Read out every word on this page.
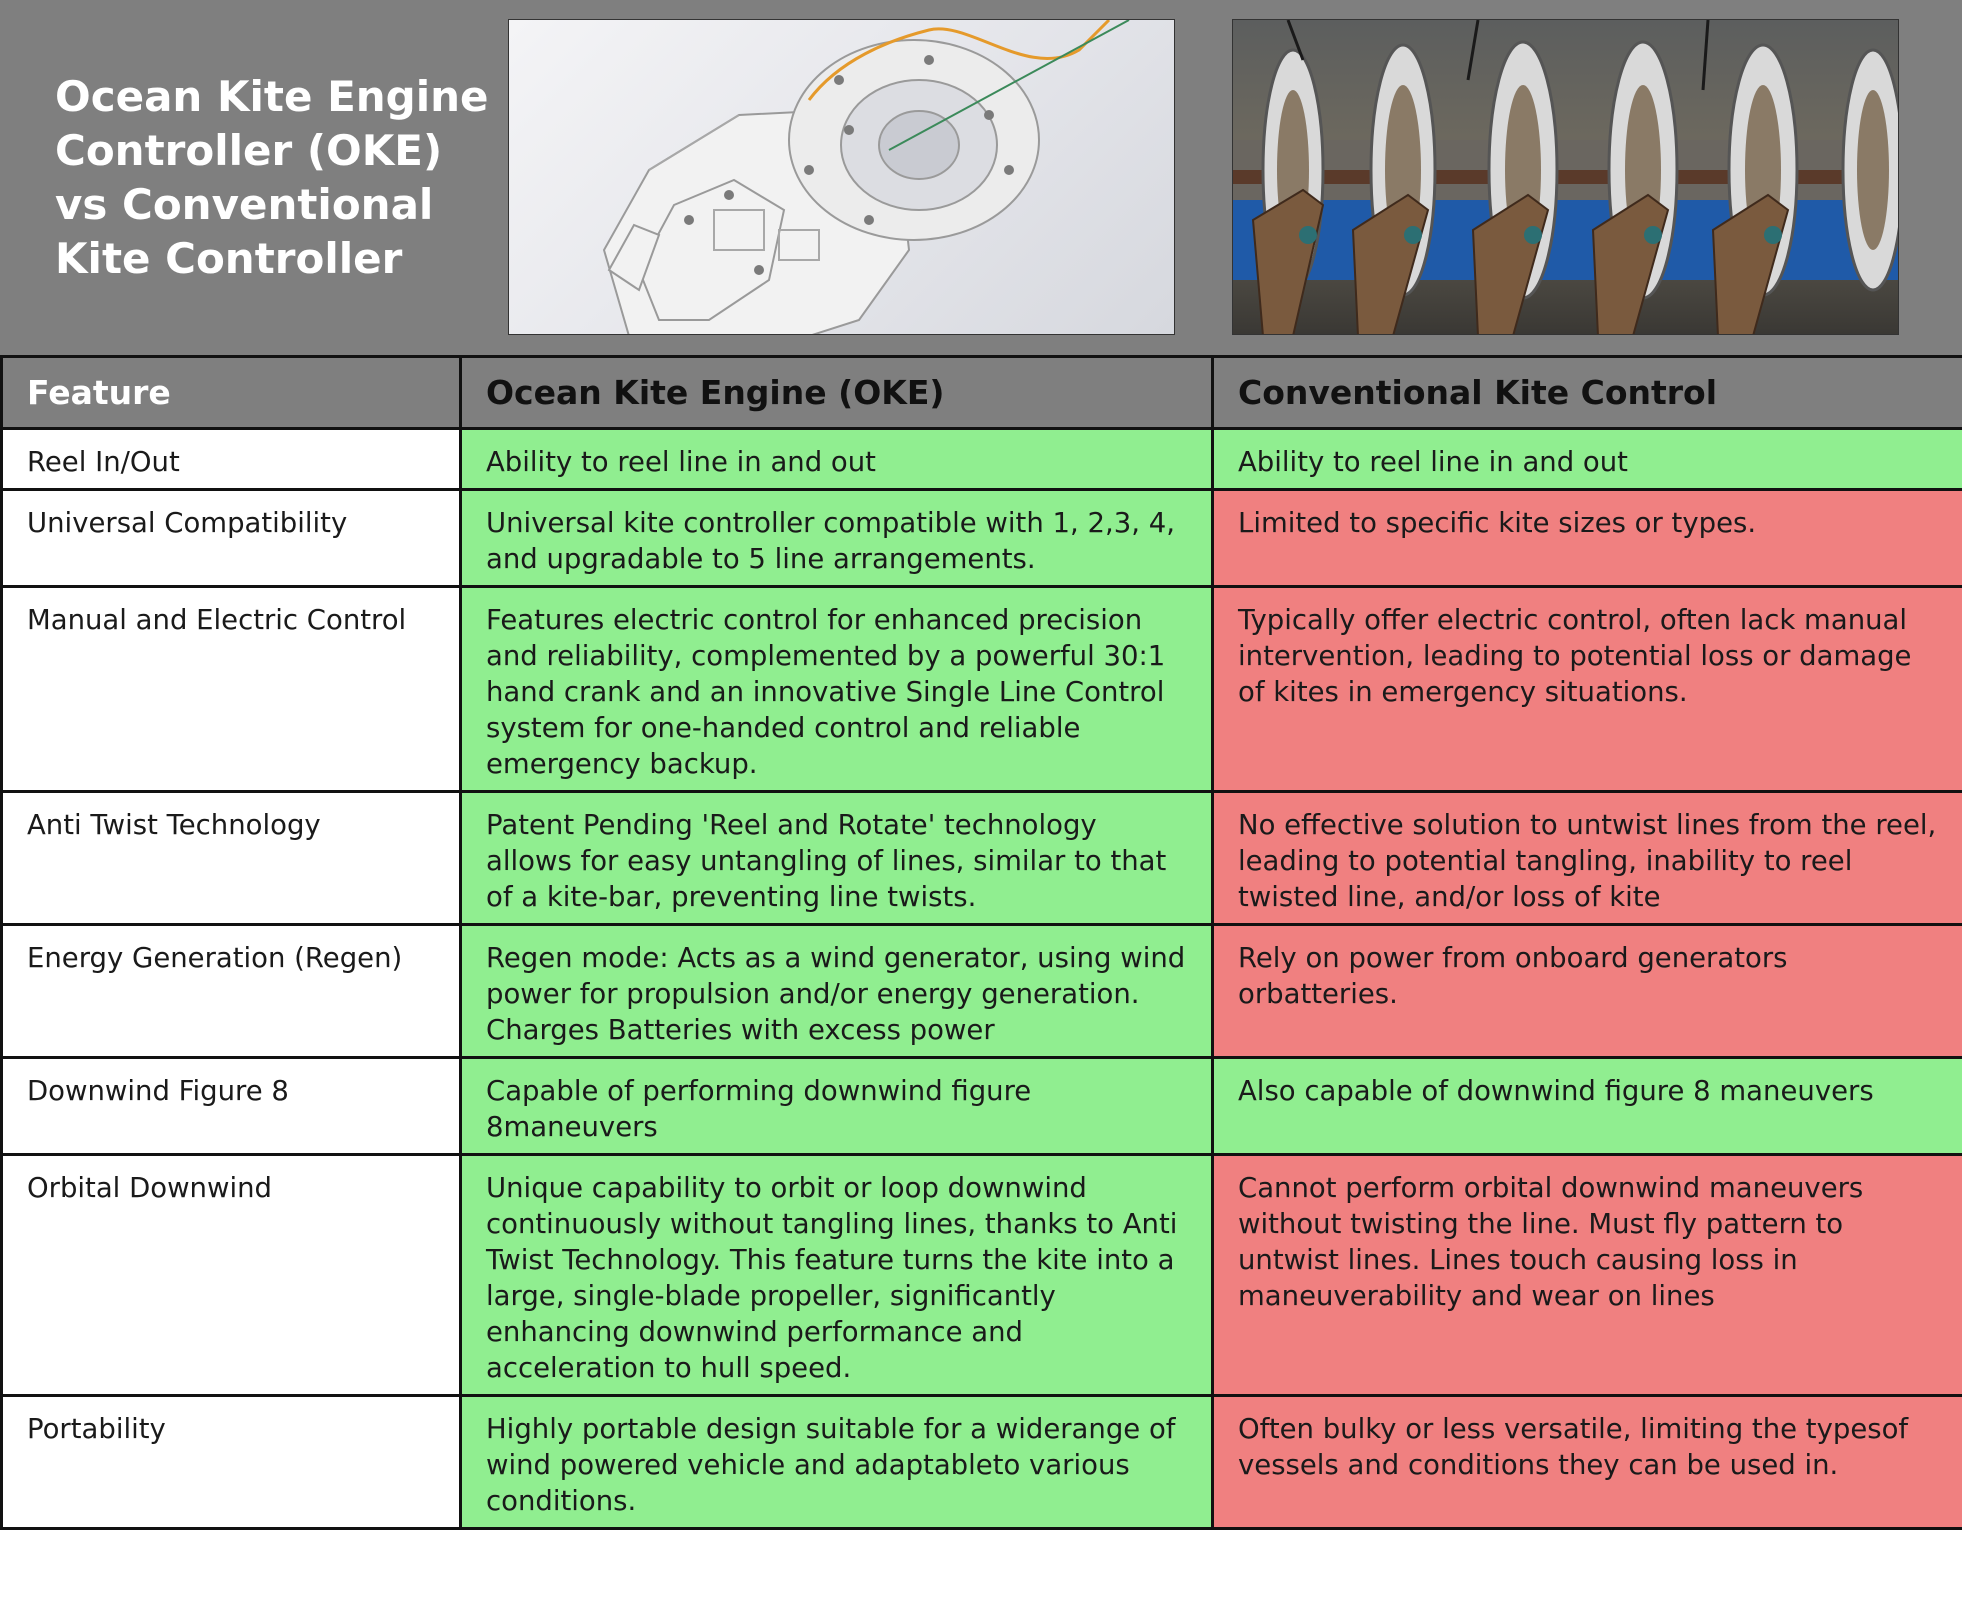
Ocean Kite Engine Controller (OKE) vs Conventional Kite Controller
Feature	Ocean Kite Engine (OKE)	Conventional Kite Control
Reel In/Out	Ability to reel line in and out	Ability to reel line in and out
Universal Compatibility	Universal kite controller compatible with 1, 2,3, 4, and upgradable to 5 line arrangements.	Limited to specific kite sizes or types.
Manual and Electric Control	Features electric control for enhanced precision and reliability, complemented by a powerful 30:1 hand crank and an innovative Single Line Control system for one-handed control and reliable emergency backup.	Typically offer electric control, often lack manual intervention, leading to potential loss or damage of kites in emergency situations.
Anti Twist Technology	Patent Pending 'Reel and Rotate' technology allows for easy untangling of lines, similar to that of a kite-bar, preventing line twists.	No effective solution to untwist lines from the reel, leading to potential tangling, inability to reel twisted line, and/or loss of kite
Energy Generation (Regen)	Regen mode: Acts as a wind generator, using wind power for propulsion and/or energy generation. Charges Batteries with excess power	Rely on power from onboard generators orbatteries.
Downwind Figure 8	Capable of performing downwind figure 8maneuvers	Also capable of downwind figure 8 maneuvers
Orbital Downwind	Unique capability to orbit or loop downwind continuously without tangling lines, thanks to Anti Twist Technology. This feature turns the kite into a large, single-blade propeller, significantly enhancing downwind performance and acceleration to hull speed.	Cannot perform orbital downwind maneuvers without twisting the line. Must fly pattern to untwist lines. Lines touch causing loss in maneuverability and wear on lines
Portability	Highly portable design suitable for a widerange of wind powered vehicle and adaptableto various conditions.	Often bulky or less versatile, limiting the typesof vessels and conditions they can be used in.
